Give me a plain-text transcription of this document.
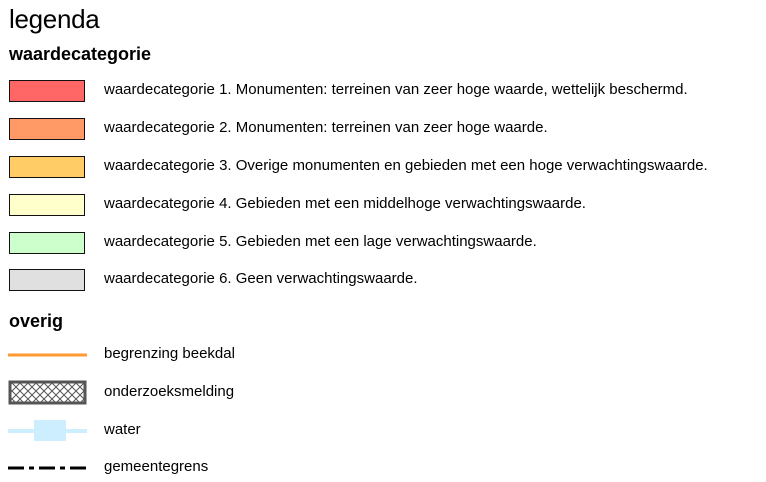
legenda
waardecategorie
waardecategorie 1. Monumenten: terreinen van zeer hoge waarde, wettelijk beschermd.
waardecategorie 2. Monumenten: terreinen van zeer hoge waarde.
waardecategorie 3. Overige monumenten en gebieden met een hoge verwachtingswaarde.
waardecategorie 4. Gebieden met een middelhoge verwachtingswaarde.
waardecategorie 5. Gebieden met een lage verwachtingswaarde.
waardecategorie 6. Geen verwachtingswaarde.
overig
begrenzing beekdal
onderzoeksmelding
water
gemeentegrens
